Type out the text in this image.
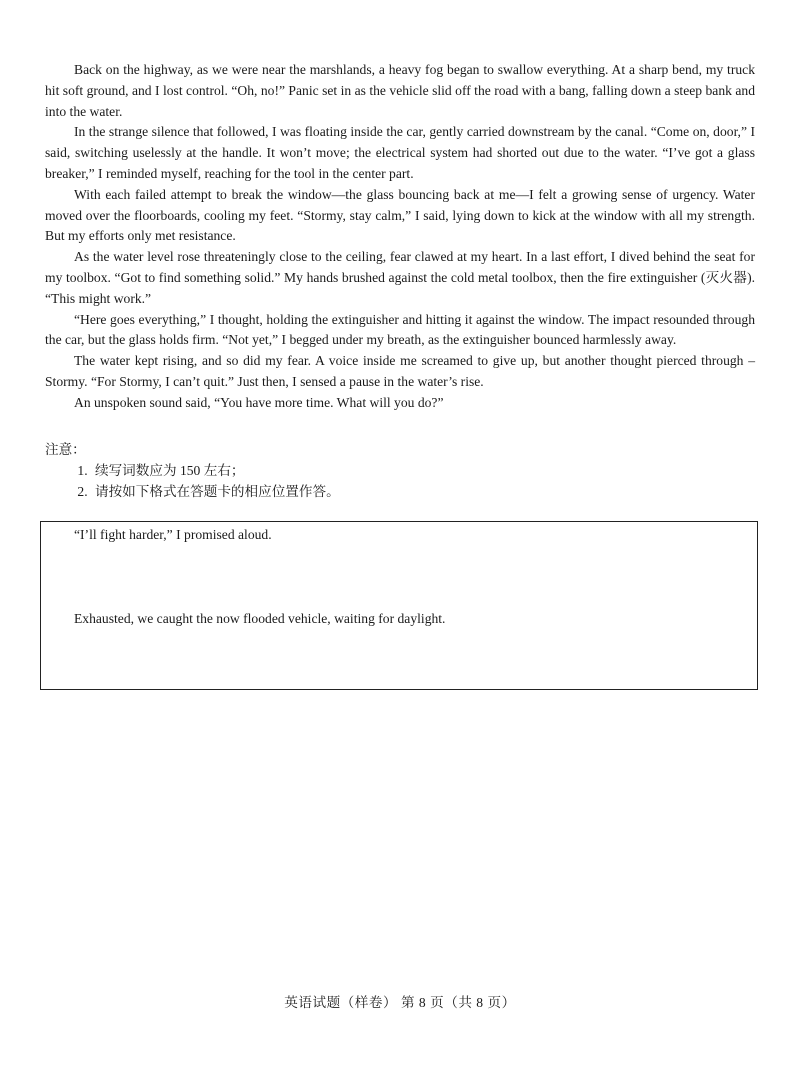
Back on the highway, as we were near the marshlands, a heavy fog began to swallow everything. At a sharp bend, my truck hit soft ground, and I lost control. “Oh, no!” Panic set in as the vehicle slid off the road with a bang, falling down a steep bank and into the water.

In the strange silence that followed, I was floating inside the car, gently carried downstream by the canal. “Come on, door,” I said, switching uselessly at the handle. It won’t move; the electrical system had shorted out due to the water. “I’ve got a glass breaker,” I reminded myself, reaching for the tool in the center part.

With each failed attempt to break the window—the glass bouncing back at me—I felt a growing sense of urgency. Water moved over the floorboards, cooling my feet. “Stormy, stay calm,” I said, lying down to kick at the window with all my strength. But my efforts only met resistance.

As the water level rose threateningly close to the ceiling, fear clawed at my heart. In a last effort, I dived behind the seat for my toolbox. “Got to find something solid.” My hands brushed against the cold metal toolbox, then the fire extinguisher (灭火器). “This might work.”

“Here goes everything,” I thought, holding the extinguisher and hitting it against the window. The impact resounded through the car, but the glass holds firm. “Not yet,” I begged under my breath, as the extinguisher bounced harmlessly away.

The water kept rising, and so did my fear. A voice inside me screamed to give up, but another thought pierced through – Stormy. “For Stormy, I can’t quit.” Just then, I sensed a pause in the water’s rise.

An unspoken sound said, “You have more time. What will you do?”

注意：

1. 续写词数应为 150 左右；
2. 请按如下格式在答题卡的相应位置作答。

“I’ll fight harder,” I promised aloud.

Exhausted, we caught the now flooded vehicle, waiting for daylight.

英语试题（样卷） 第 8 页（共 8 页）
